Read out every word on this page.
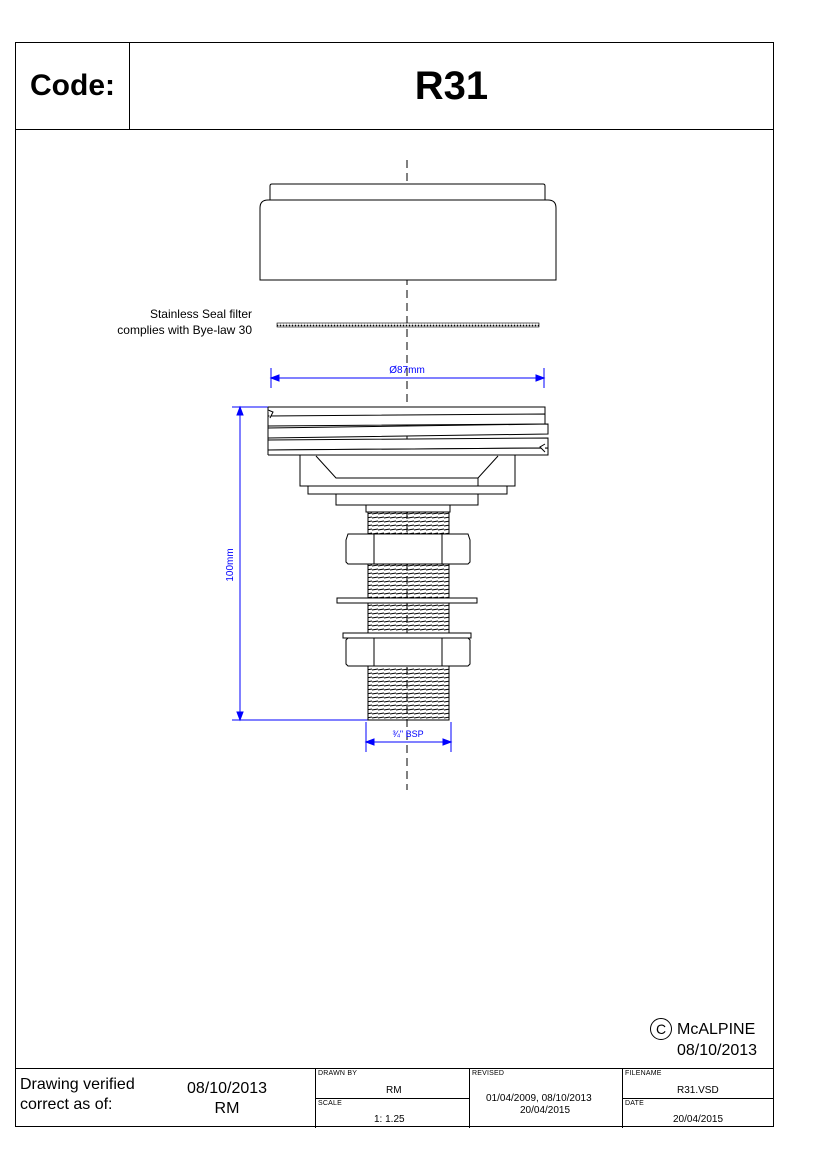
Code:	R31
Stainless Seal filter
complies with Bye-law 30
Ø87mm
100mm
¾" BSP
C McALPINE
08/10/2013
Drawing verified
correct as of:
08/10/2013
RM
DRAWN BY
RM
SCALE
1: 1.25
REVISED
01/04/2009, 08/10/2013
20/04/2015
FILENAME
R31.VSD
DATE
20/04/2015
